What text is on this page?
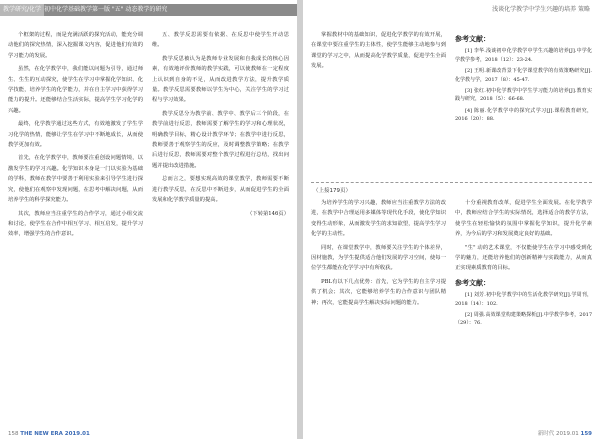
教学研究/化学 初中化学基础教学第一版 "五" 动态教学的研究

个框架的过程，而是充满活跃的探究活动，能充分调动他们的探究热情，深入挖掘课文内容，促进他们有效的学习能力的发展。

虽然，在化学教学中，我们能以问题为引导，通过师生、生生的互动探究，使学生在学习中掌握化学知识、化学技能，培养学生的化学能力，并在自主学习中获得学习能力的提升。还能够结合生活实际，提高学生学习化学的兴趣。

最终，化学教学通过这些方式，有效地激发了学生学习化学的热情，能够让学生在学习中不断地成长，从而使教学更加有效。

首先，在化学教学中，教师要注重创设问题情境，以激发学生的学习兴趣。化学知识本身是一门以实验为基础的学科，教师在教学中要善于利用实验来引导学生进行探究，使他们在观察中发现问题，在思考中解决问题，从而培养学生的科学探究能力。

其次，教师应当注重学生的合作学习，通过小组交流和讨论，使学生在合作中相互学习、相互启发，提升学习效率，增强学生的合作意识。

五、教学反思需要有依据、在反思中使学生开动思维。

教学反思被认为是教师专业发展和自我成长的核心因素，有效地评价教师的教学实践，可以使教师在一定程度上认识到自身的不足，从而改进教学方法，提升教学质量。教学反思需要教师以学生为中心，关注学生的学习过程与学习效果。

教学反思分为教学前、教学中、教学后三个阶段，在教学前进行反思，教师需要了解学生的学习和心理状况，明确教学目标，精心设计教学环节；在教学中进行反思，教师要善于观察学生的反应，及时调整教学策略；在教学后进行反思，教师需要对整个教学过程进行总结，找出问题并提出改进措施。

总而言之，要想实现高效的课堂教学，教师需要不断进行教学反思，在反思中不断进步，从而促进学生的全面发展和化学教学质量的提高。

（下转第146页）

158 THE NEW ERA 2019.01
浅谈化学教学中学生兴趣的培养 策略

掌握教材中的基础知识，促进化学教学的有效开展，在课堂中要注重学生的主体性，使学生能够主动地参与到课堂的学习之中，从而提高化学教学质量，促进学生全面发展。

参考文献：

[1] 李华.浅谈初中化学教学中学生兴趣的培养[J].中学化学教学参考，2018（12）：23-24.

[2] 王明.新课改背景下化学课堂教学的有效策略研究[J].化学教与学，2017（8）：45-47.

[3] 张红.初中化学教学中学生学习能力的培养[J].教育实践与研究，2018（5）：66-68.

[4] 陈丽.化学教学中的探究式学习[J].课程教育研究，2016（20）：88.

（上接179页）

为培养学生的学习兴趣，教师应当注重教学方法的改进，在教学中合理运用多媒体等现代化手段，使化学知识变得生动形象，从而激发学生的求知欲望，提高学生学习化学的主动性。

同时，在课堂教学中，教师要关注学生的个体差异，因材施教，为学生提供适合他们发展的学习空间，使每一位学生都能在化学学习中有所收获。

PBL有以下几点优势：首先，它为学生的自主学习提供了机会；其次，它能够培养学生的合作意识与团队精神；再次，它能提高学生解决实际问题的能力。

十分重视教育改革，促进学生全面发展。在化学教学中，教师应结合学生的实际情况，选择适合的教学方法，使学生在轻松愉快的氛围中掌握化学知识，提升化学素养，为今后的学习和发展奠定良好的基础。

"生" 动的艺术课堂，不仅能使学生在学习中感受到化学的魅力，还能培养他们的创新精神与实践能力，从而真正实现素质教育的目标。

参考文献：

[1] 刘芳.初中化学教学中的生活化教学研究[J].学周刊，2018（14）：102.

[2] 周强.高效课堂构建策略探析[J].中学教学参考，2017（29）：76.

新时代 2019.01 159
